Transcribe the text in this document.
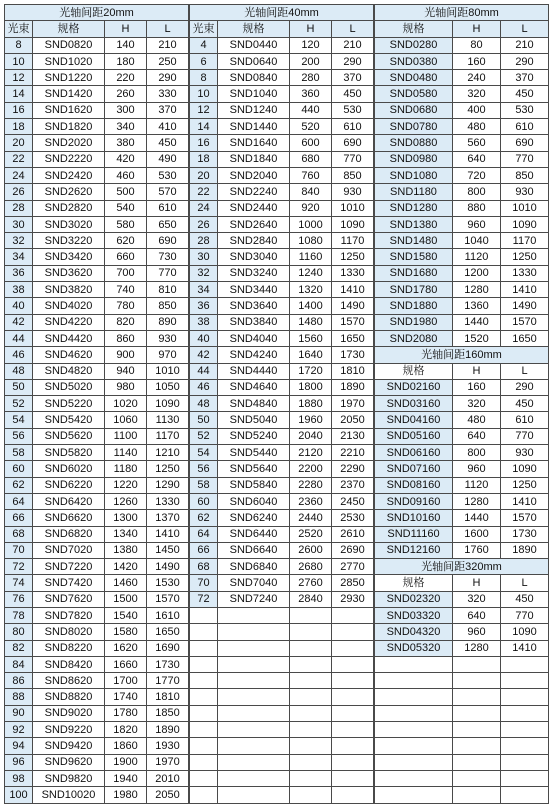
光轴间距20mm			
光束	规格	H	L
8	SND0820	140	210
10	SND1020	180	250
12	SND1220	220	290
14	SND1420	260	330
16	SND1620	300	370
18	SND1820	340	410
20	SND2020	380	450
22	SND2220	420	490
24	SND2420	460	530
26	SND2620	500	570
28	SND2820	540	610
30	SND3020	580	650
32	SND3220	620	690
34	SND3420	660	730
36	SND3620	700	770
38	SND3820	740	810
40	SND4020	780	850
42	SND4220	820	890
44	SND4420	860	930
46	SND4620	900	970
48	SND4820	940	1010
50	SND5020	980	1050
52	SND5220	1020	1090
54	SND5420	1060	1130
56	SND5620	1100	1170
58	SND5820	1140	1210
60	SND6020	1180	1250
62	SND6220	1220	1290
64	SND6420	1260	1330
66	SND6620	1300	1370
68	SND6820	1340	1410
70	SND7020	1380	1450
72	SND7220	1420	1490
74	SND7420	1460	1530
76	SND7620	1500	1570
78	SND7820	1540	1610
80	SND8020	1580	1650
82	SND8220	1620	1690
84	SND8420	1660	1730
86	SND8620	1700	1770
88	SND8820	1740	1810
90	SND9020	1780	1850
92	SND9220	1820	1890
94	SND9420	1860	1930
96	SND9620	1900	1970
98	SND9820	1940	2010
100	SND10020	1980	2050
光轴间距40mm			
光束	规格	H	L
4	SND0440	120	210
6	SND0640	200	290
8	SND0840	280	370
10	SND1040	360	450
12	SND1240	440	530
14	SND1440	520	610
16	SND1640	600	690
18	SND1840	680	770
20	SND2040	760	850
22	SND2240	840	930
24	SND2440	920	1010
26	SND2640	1000	1090
28	SND2840	1080	1170
30	SND3040	1160	1250
32	SND3240	1240	1330
34	SND3440	1320	1410
36	SND3640	1400	1490
38	SND3840	1480	1570
40	SND4040	1560	1650
42	SND4240	1640	1730
44	SND4440	1720	1810
46	SND4640	1800	1890
48	SND4840	1880	1970
50	SND5040	1960	2050
52	SND5240	2040	2130
54	SND5440	2120	2210
56	SND5640	2200	2290
58	SND5840	2280	2370
60	SND6040	2360	2450
62	SND6240	2440	2530
64	SND6440	2520	2610
66	SND6640	2600	2690
68	SND6840	2680	2770
70	SND7040	2760	2850
72	SND7240	2840	2930

光轴间距80mm		
规格	H	L
SND0280	80	210
SND0380	160	290
SND0480	240	370
SND0580	320	450
SND0680	400	530
SND0780	480	610
SND0880	560	690
SND0980	640	770
SND1080	720	850
SND1180	800	930
SND1280	880	1010
SND1380	960	1090
SND1480	1040	1170
SND1580	1120	1250
SND1680	1200	1330
SND1780	1280	1410
SND1880	1360	1490
SND1980	1440	1570
SND2080	1520	1650
光轴间距160mm		
规格	H	L
SND02160	160	290
SND03160	320	450
SND04160	480	610
SND05160	640	770
SND06160	800	930
SND07160	960	1090
SND08160	1120	1250
SND09160	1280	1410
SND10160	1440	1570
SND11160	1600	1730
SND12160	1760	1890
光轴间距320mm		
规格	H	L
SND02320	320	450
SND03320	640	770
SND04320	960	1090
SND05320	1280	1410
